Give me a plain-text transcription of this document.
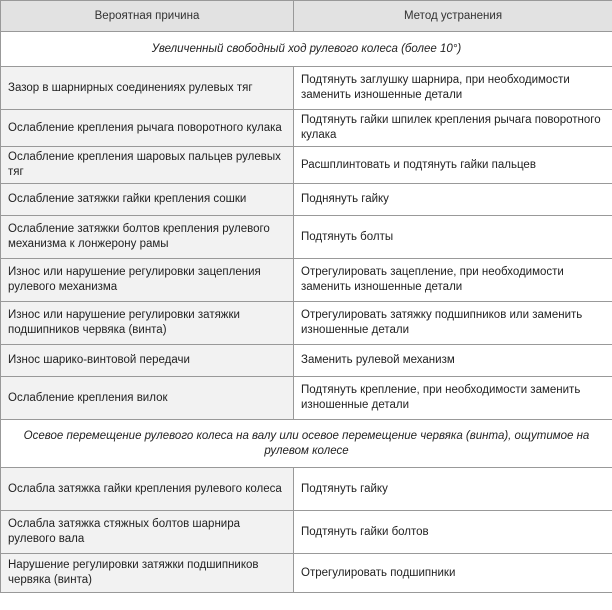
Вероятная причина	Метод устранения
Увеличенный свободный ход рулевого колеса (более 10°)	
Зазор в шарнирных соединениях рулевых тяг	Подтянуть заглушку шарнира, при необходимости заменить изношенные детали
Ослабление крепления рычага поворотного кулака	Подтянуть гайки шпилек крепления рычага поворотного кулака
Ослабление крепления шаровых пальцев рулевых тяг	Расшплинтовать и подтянуть гайки пальцев
Ослабление затяжки гайки крепления сошки	Поднянуть гайку
Ослабление затяжки болтов крепления рулевого механизма к лонжерону рамы	Подтянуть болты
Износ или нарушение регулировки зацепления рулевого механизма	Отрегулировать зацепление, при необходимости заменить изношенные детали
Износ или нарушение регулировки затяжки подшипников червяка (винта)	Отрегулировать затяжку подшипников или заменить изношенные детали
Износ шарико-винтовой передачи	Заменить рулевой механизм
Ослабление крепления вилок	Подтянуть крепление, при необходимости заменить изношенные детали
Осевое перемещение рулевого колеса на валу или осевое перемещение червяка (винта), ощутимое на рулевом колесе	
Ослабла затяжка гайки крепления рулевого колеса	Подтянуть гайку
Ослабла затяжка стяжных болтов шарнира рулевого вала	Подтянуть гайки болтов
Нарушение регулировки затяжки подшипников червяка (винта)	Отрегулировать подшипники
